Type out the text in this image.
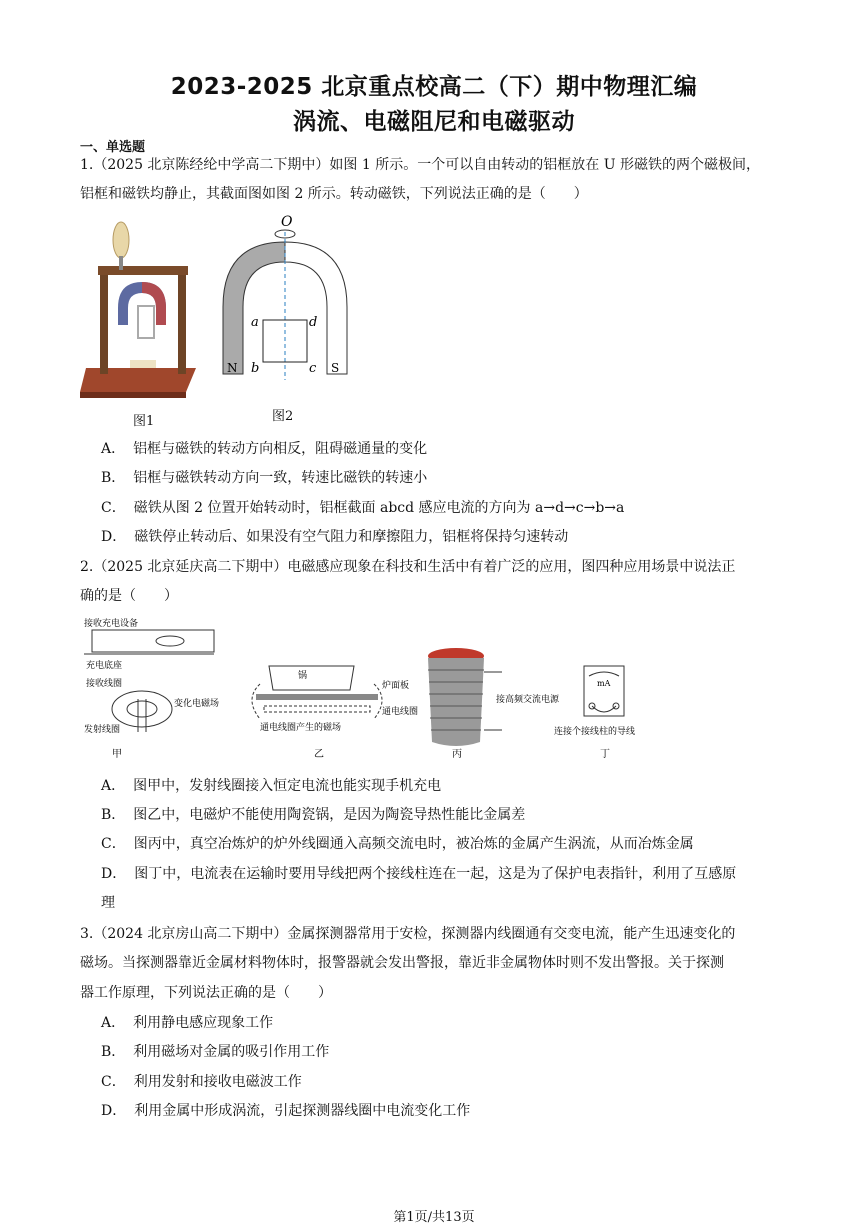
2023-2025 北京重点校高二（下）期中物理汇编
涡流、电磁阻尼和电磁驱动
一、单选题
1.（2025 北京陈经纶中学高二下期中）如图 1 所示。一个可以自由转动的铝框放在 U 形磁铁的两个磁极间，
铝框和磁铁均静止，其截面图如图 2 所示。转动磁铁，下列说法正确的是（　　）
图1
O
a
b	c
d
N	S
图2
A． 铝框与磁铁的转动方向相反，阻碍磁通量的变化
B． 铝框与磁铁转动方向一致，转速比磁铁的转速小
C． 磁铁从图 2 位置开始转动时，铝框截面 abcd 感应电流的方向为 a→d→c→b→a
D． 磁铁停止转动后、如果没有空气阻力和摩擦阻力，铝框将保持匀速转动
2.（2025 北京延庆高二下期中）电磁感应现象在科技和生活中有着广泛的应用，图四种应用场景中说法正
确的是（　　）
接收充电设备
充电底座
接收线圈
变化电磁场
发射线圈
甲
锅
炉面板
通电线圈
通电线圈产生的磁场
乙
接高频交流电源
丙
mA
连接个接线柱的导线
丁
A． 图甲中，发射线圈接入恒定电流也能实现手机充电
B． 图乙中，电磁炉不能使用陶瓷锅，是因为陶瓷导热性能比金属差
C． 图丙中，真空冶炼炉的炉外线圈通入高频交流电时，被冶炼的金属产生涡流，从而冶炼金属
D． 图丁中，电流表在运输时要用导线把两个接线柱连在一起，这是为了保护电表指针，利用了互感原
理
3.（2024 北京房山高二下期中）金属探测器常用于安检，探测器内线圈通有交变电流，能产生迅速变化的
磁场。当探测器靠近金属材料物体时，报警器就会发出警报，靠近非金属物体时则不发出警报。关于探测
器工作原理，下列说法正确的是（　　）
A． 利用静电感应现象工作
B． 利用磁场对金属的吸引作用工作
C． 利用发射和接收电磁波工作
D． 利用金属中形成涡流，引起探测器线圈中电流变化工作
第1页/共13页
